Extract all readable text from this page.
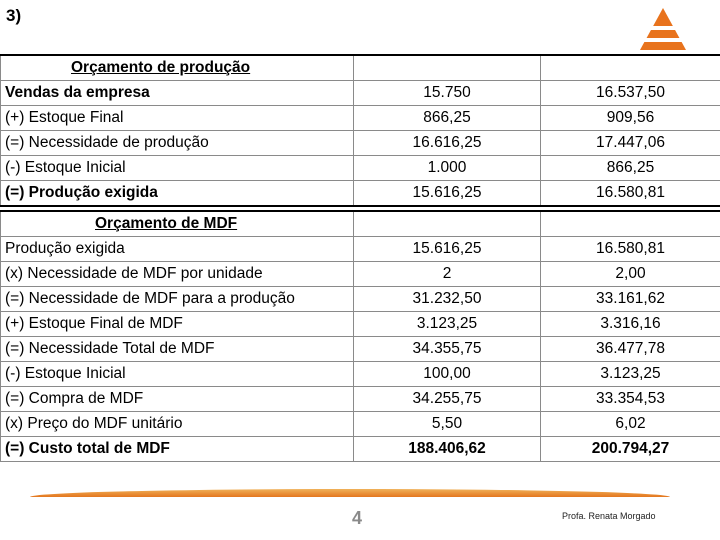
3)
Orçamento de produção		
Vendas da empresa	15.750	16.537,50
(+) Estoque Final	866,25	909,56
(=) Necessidade de produção	16.616,25	17.447,06
(-) Estoque Inicial	1.000	866,25
(=) Produção exigida	15.616,25	16.580,81
Orçamento de MDF		
Produção exigida	15.616,25	16.580,81
(x) Necessidade de MDF por unidade	2	2,00
(=) Necessidade de MDF para a produção	31.232,50	33.161,62
(+) Estoque Final de MDF	3.123,25	3.316,16
(=) Necessidade Total de MDF	34.355,75	36.477,78
(-) Estoque Inicial	100,00	3.123,25
(=) Compra de MDF	34.255,75	33.354,53
(x) Preço do MDF unitário	5,50	6,02
(=) Custo total de MDF	188.406,62	200.794,27
4	Profa. Renata Morgado
